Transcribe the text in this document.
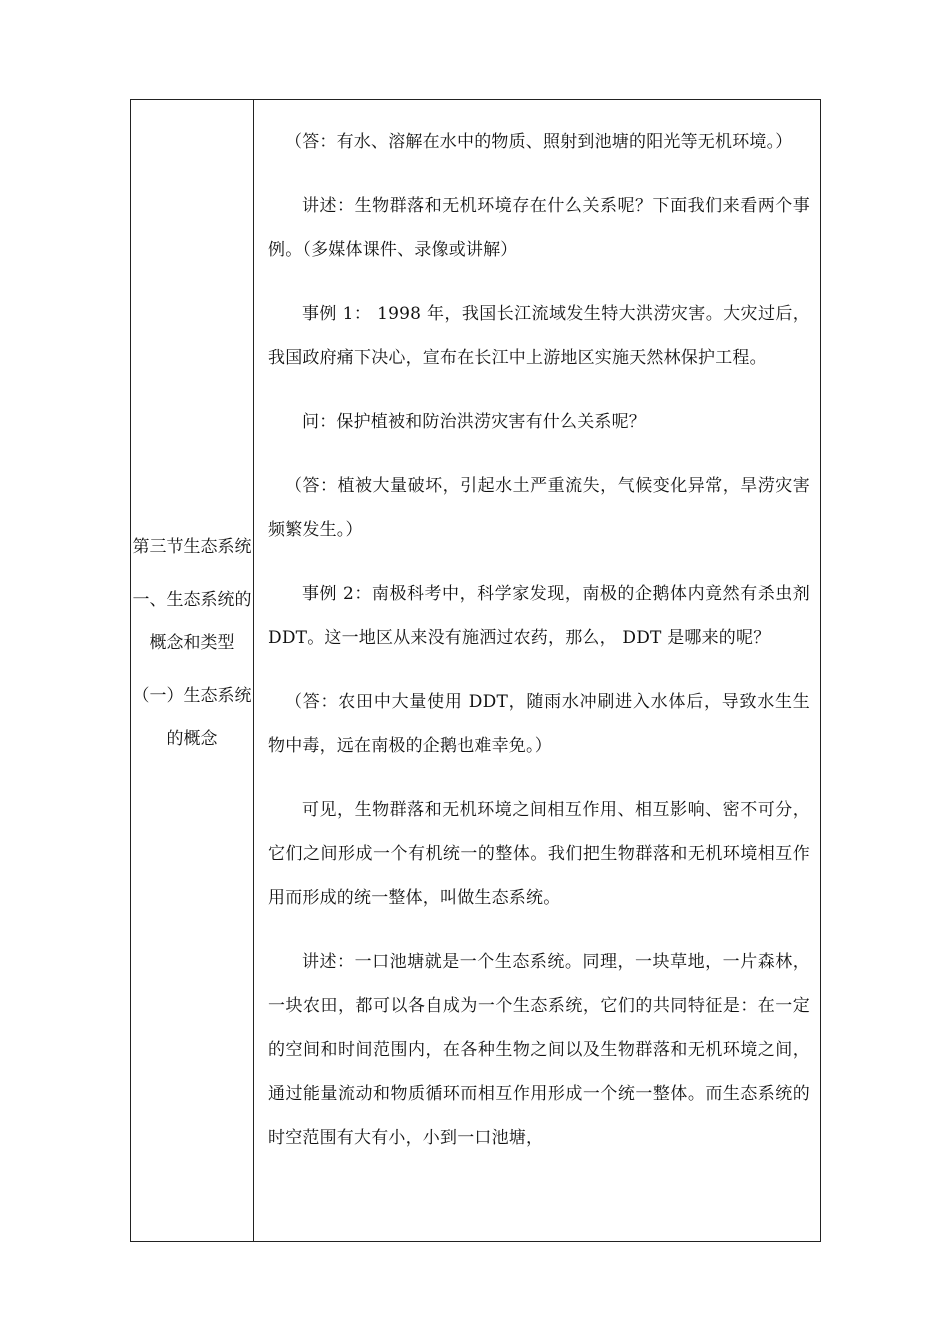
第三节生态系统

一、生态系统的概念和类型

（一）生态系统的概念

（答：有水、溶解在水中的物质、照射到池塘的阳光等无机环境。）

讲述：生物群落和无机环境存在什么关系呢？下面我们来看两个事例。（多媒体课件、录像或讲解）

事例 1： 1998 年，我国长江流域发生特大洪涝灾害。大灾过后，我国政府痛下决心，宣布在长江中上游地区实施天然林保护工程。

问：保护植被和防治洪涝灾害有什么关系呢？

（答：植被大量破坏，引起水土严重流失，气候变化异常，旱涝灾害频繁发生。）

事例 2：南极科考中，科学家发现，南极的企鹅体内竟然有杀虫剂 DDT。这一地区从来没有施洒过农药，那么， DDT 是哪来的呢？

（答：农田中大量使用 DDT，随雨水冲刷进入水体后，导致水生生物中毒，远在南极的企鹅也难幸免。）

可见，生物群落和无机环境之间相互作用、相互影响、密不可分，它们之间形成一个有机统一的整体。我们把生物群落和无机环境相互作用而形成的统一整体，叫做生态系统。

讲述：一口池塘就是一个生态系统。同理，一块草地，一片森林，一块农田，都可以各自成为一个生态系统，它们的共同特征是：在一定的空间和时间范围内，在各种生物之间以及生物群落和无机环境之间，通过能量流动和物质循环而相互作用形成一个统一整体。而生态系统的时空范围有大有小，小到一口池塘，
